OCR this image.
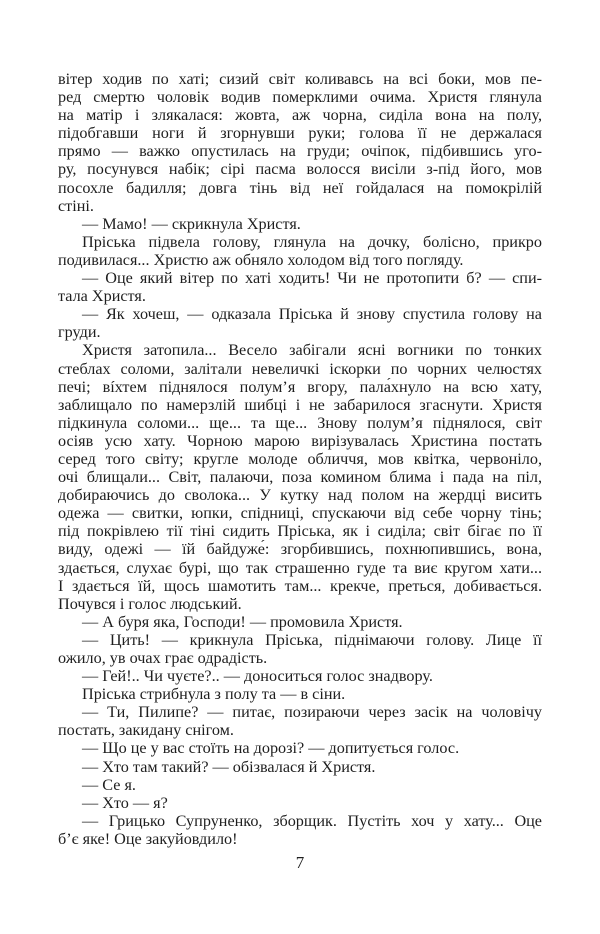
вітер ходив по хаті; сизий світ коливавсь на всі боки, мов пе-
ред смертю чоловік водив померклими очима. Христя глянула
на матір і злякалася: жовта, аж чорна, сиділа вона на полу,
підобгавши ноги й згорнувши руки; голова її не держалася
прямо — важко опустилась на груди; очіпок, підбившись уго-
ру, посунувся набік; сірі пасма волосся висіли з-під його, мов
посохле бадилля; довга тінь від неї гойдалася на помокрілій
стіні.
— Мамо! — скрикнула Христя.
Пріська підвела голову, глянула на дочку, болісно, прикро
подивилася... Христю аж обняло холодом від того погляду.
— Оце який вітер по хаті ходить! Чи не протопити б? — спи-
тала Христя.
— Як хочеш, — одказала Пріська й знову спустила голову на
груди.
Христя затопила... Весело забігали ясні вогники по тонких
стеблах соломи, залітали невеличкі іскорки по чорних челюстях
печі; вíхтем піднялося полум’я вгору, пала́хнуло на всю хату,
заблищало по намерзлій шибці і не забарилося згаснути. Христя
підкинула соломи... ще... та ще... Знову полум’я піднялося, світ
осіяв усю хату. Чорною марою вирізувалась Христина постать
серед того світу; кругле молоде обличчя, мов квітка, червоніло,
очі блищали... Світ, палаючи, поза комином блима і пада на піл,
добираючись до сволока... У кутку над полом на жердці висить
одежа — свитки, юпки, спідниці, спускаючи від себе чорну тінь;
під покрівлею тії тіні сидить Пріська, як і сиділа; світ бігає по її
виду, одежі — їй байдуже́: згорбившись, похнюпившись, вона,
здається, слухає бурі, що так страшенно гуде та виє кругом хати...
І здається їй, щось шамотить там... крекче, преться, добивається.
Почувся і голос людський.
— А буря яка, Господи! — промовила Христя.
— Цить! — крикнула Пріська, піднімаючи голову. Лице її
ожило, ув очах грає одрадість.
— Гей!.. Чи чуєте?.. — доноситься голос знадвору.
Пріська стрибнула з полу та — в сіни.
— Ти, Пилипе? — питає, позираючи через засік на чоловічу
постать, закидану снігом.
— Що це у вас стоїть на дорозі? — допитується голос.
— Хто там такий? — обізвалася й Христя.
— Се я.
— Хто — я?
— Грицько Супруненко, зборщик. Пустіть хоч у хату... Оце
б’є яке! Оце закуйовдило!
7
